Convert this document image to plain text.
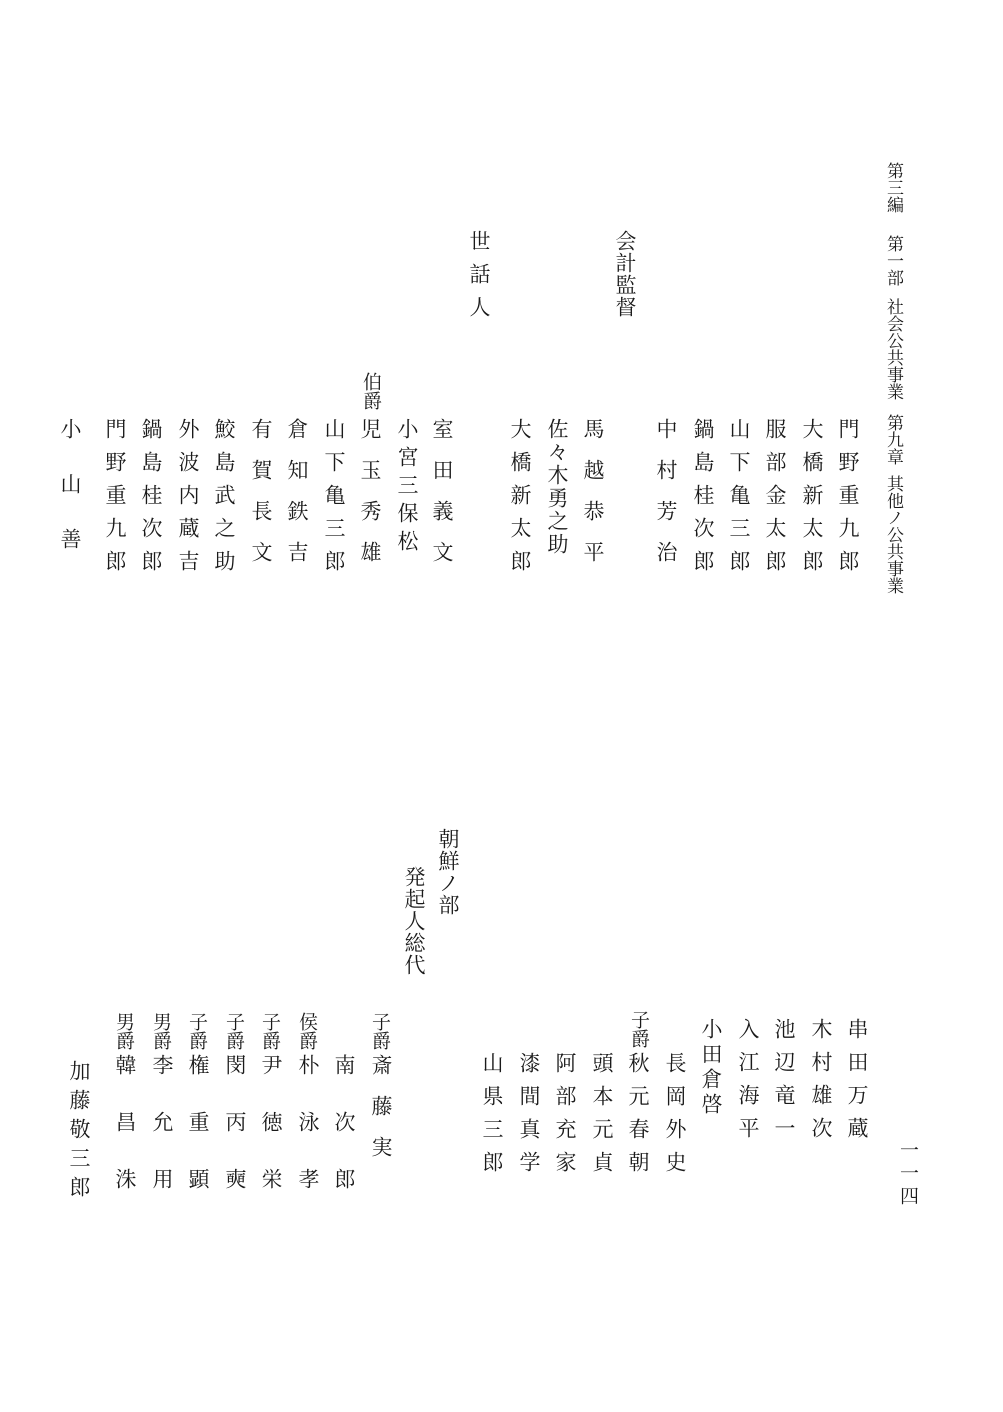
第三編第一部社会公共事業第九章其他ノ公共事業
一一四
門野重九郎
大橋新太郎
服部金太郎
山下亀三郎
鍋島桂次郎
中村芳治
会計監督
馬越恭平
佐々木勇之助
大橋新太郎
世話人
室田義文
小宮三保松
伯爵
児玉秀雄
山下亀三郎
倉知鉄吉
有賀長文
鮫島武之助
外波内蔵吉
鍋島桂次郎
門野重九郎
小山善
朝鮮ノ部
発起人総代
串田万蔵
木村雄次
池辺竜一
入江海平
小田倉啓
長岡外史
子爵
秋元春朝
頭本元貞
阿部充家
漆間真学
山県三郎
子爵
斎藤実
南次郎
侯爵
朴泳孝
子爵
尹徳栄
子爵
閔丙奭
子爵
権重顕
男爵
李允用
男爵
韓昌洙
加藤敬三郎
